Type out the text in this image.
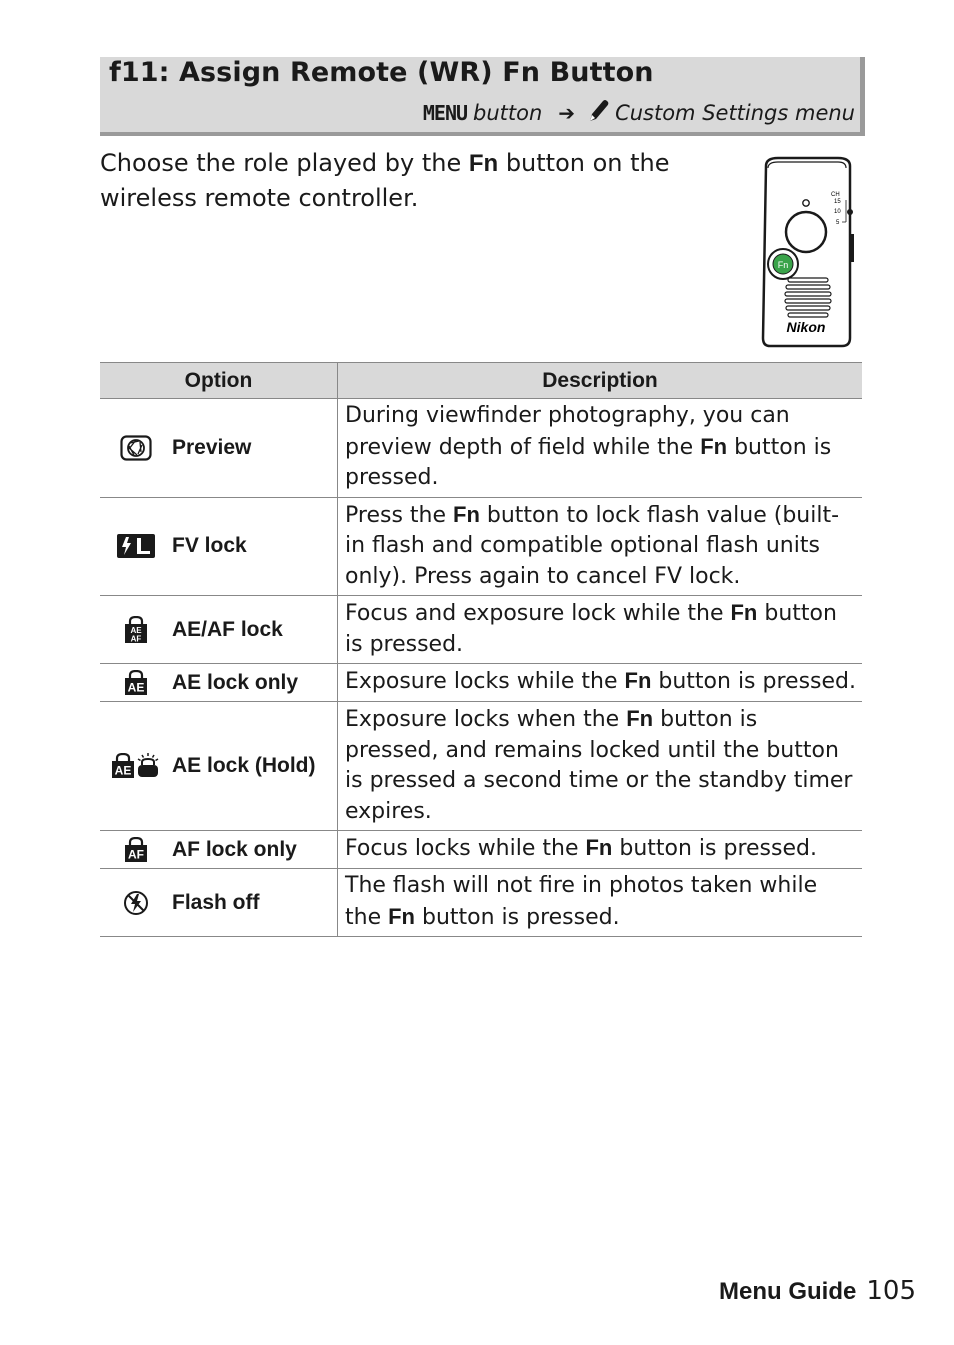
f11: Assign Remote (WR) Fn Button
MENU button ➔ Custom Settings menu
Choose the role played by the Fn button on the wireless remote controller.	CH
15
10
5
Fn
Nikon
Option	Description

Preview	During viewfinder photography, you can preview depth of field while the Fn button is pressed.

FV lock	Press the Fn button to lock flash value (built-in flash and compatible optional flash units only). Press again to cancel FV lock.

AE
AF AE/AF lock	Focus and exposure lock while the Fn button is pressed.

AE AE lock only	Exposure locks while the Fn button is pressed.

AE AE lock (Hold)	Exposure locks when the Fn button is pressed, and remains locked until the button is pressed a second time or the standby timer expires.

AF AF lock only	Focus locks while the Fn button is pressed.

Flash off	The flash will not fire in photos taken while the Fn button is pressed.
Menu Guide 105
